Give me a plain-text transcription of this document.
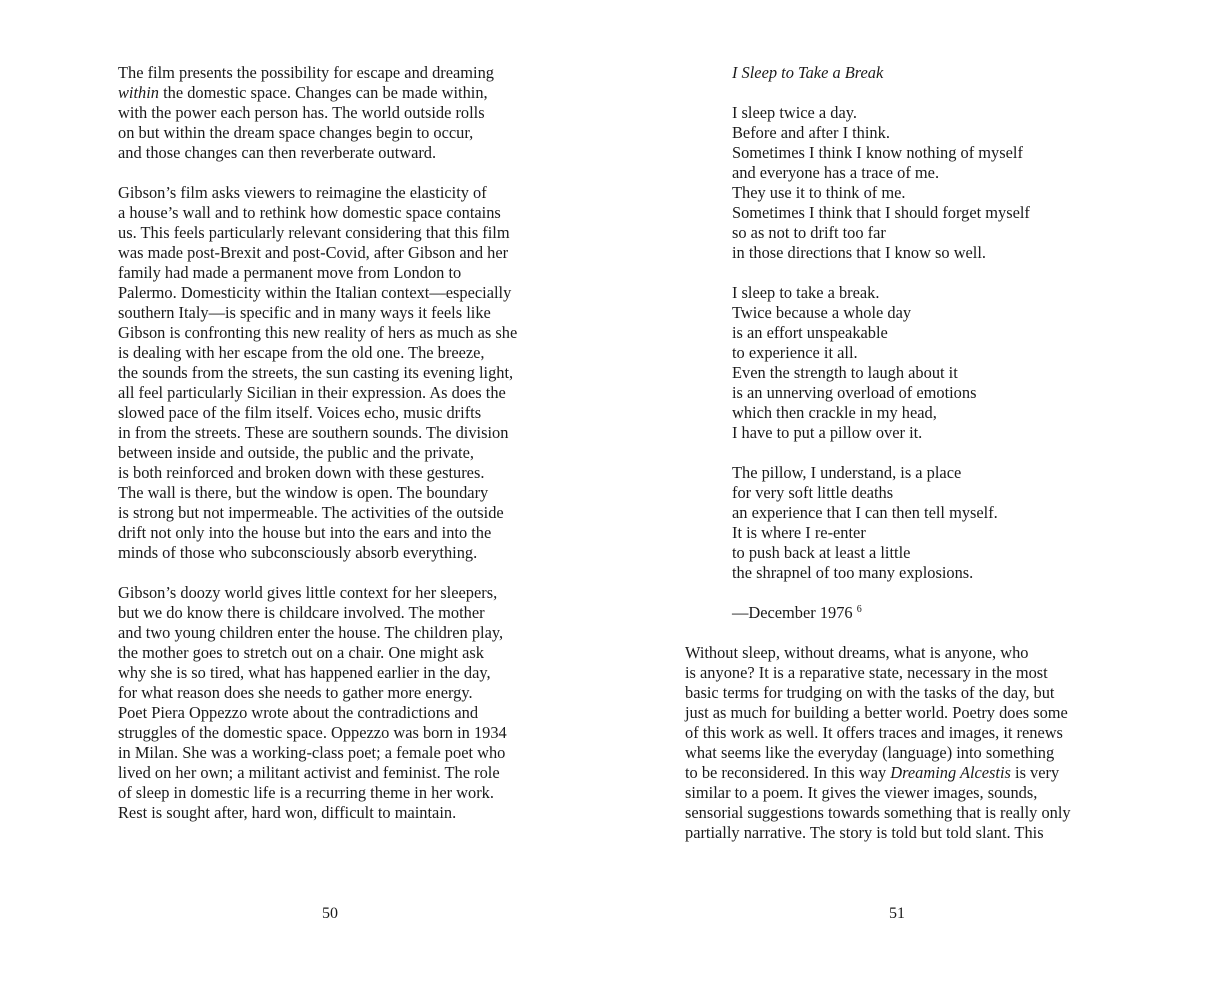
The film presents the possibility for escape and dreaming
within the domestic space. Changes can be made within,
with the power each person has. The world outside rolls
on but within the dream space changes begin to occur,
and those changes can then reverberate outward.
Gibson’s film asks viewers to reimagine the elasticity of
a house’s wall and to rethink how domestic space contains
us. This feels particularly relevant considering that this film
was made post-Brexit and post-Covid, after Gibson and her
family had made a permanent move from London to
Palermo. Domesticity within the Italian context—especially
southern Italy—is specific and in many ways it feels like
Gibson is confronting this new reality of hers as much as she
is dealing with her escape from the old one. The breeze,
the sounds from the streets, the sun casting its evening light,
all feel particularly Sicilian in their expression. As does the
slowed pace of the film itself. Voices echo, music drifts
in from the streets. These are southern sounds. The division
between inside and outside, the public and the private,
is both reinforced and broken down with these gestures.
The wall is there, but the window is open. The boundary
is strong but not impermeable. The activities of the outside
drift not only into the house but into the ears and into the
minds of those who subconsciously absorb everything.
Gibson’s doozy world gives little context for her sleepers,
but we do know there is childcare involved. The mother
and two young children enter the house. The children play,
the mother goes to stretch out on a chair. One might ask
why she is so tired, what has happened earlier in the day,
for what reason does she needs to gather more energy.
Poet Piera Oppezzo wrote about the contradictions and
struggles of the domestic space. Oppezzo was born in 1934
in Milan. She was a working-class poet; a female poet who
lived on her own; a militant activist and feminist. The role
of sleep in domestic life is a recurring theme in her work.
Rest is sought after, hard won, difficult to maintain.
50
I Sleep to Take a Break
I sleep twice a day.
Before and after I think.
Sometimes I think I know nothing of myself
and everyone has a trace of me.
They use it to think of me.
Sometimes I think that I should forget myself
so as not to drift too far
in those directions that I know so well.
I sleep to take a break.
Twice because a whole day
is an effort unspeakable
to experience it all.
Even the strength to laugh about it
is an unnerving overload of emotions
which then crackle in my head,
I have to put a pillow over it.
The pillow, I understand, is a place
for very soft little deaths
an experience that I can then tell myself.
It is where I re-enter
to push back at least a little
the shrapnel of too many explosions.
—December 1976 $^6$
Without sleep, without dreams, what is anyone, who
is anyone? It is a reparative state, necessary in the most
basic terms for trudging on with the tasks of the day, but
just as much for building a better world. Poetry does some
of this work as well. It offers traces and images, it renews
what seems like the everyday (language) into something
to be reconsidered. In this way Dreaming Alcestis is very
similar to a poem. It gives the viewer images, sounds,
sensorial suggestions towards something that is really only
partially narrative. The story is told but told slant. This
51
